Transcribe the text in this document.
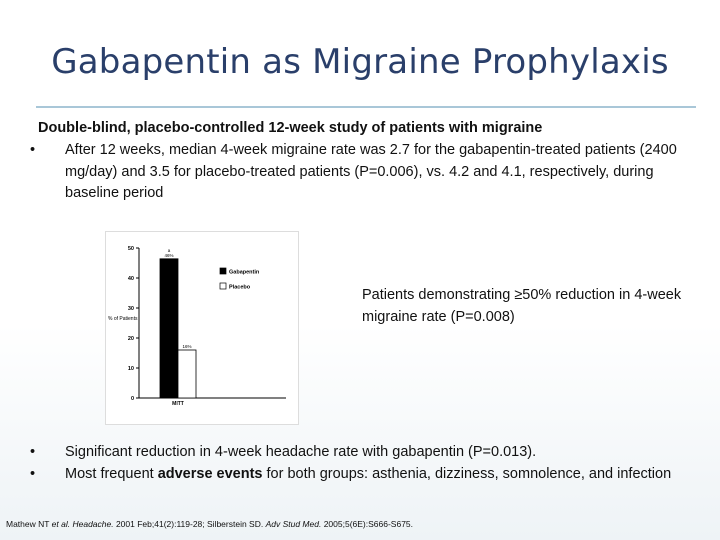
Gabapentin as Migraine Prophylaxis
Double-blind, placebo-controlled 12-week study of patients with migraine
•	After 12 weeks, median 4-week migraine rate was 2.7 for the gabapentin-treated patients (2400 mg/day) and 3.5 for placebo-treated patients (P=0.006), vs. 4.2 and 4.1, respectively, during baseline period
0
10
20
30
40
50
% of Patients
46%
a
16%
MITT
Gabapentin
Placebo	Patients demonstrating ≥50% reduction in 4-week migraine rate (P=0.008)
•	Significant reduction in 4-week headache rate with gabapentin (P=0.013).
•	Most frequent adverse events for both groups: asthenia, dizziness, somnolence, and infection
Mathew NT et al. Headache. 2001 Feb;41(2):119-28; Silberstein SD. Adv Stud Med. 2005;5(6E):S666-S675.
